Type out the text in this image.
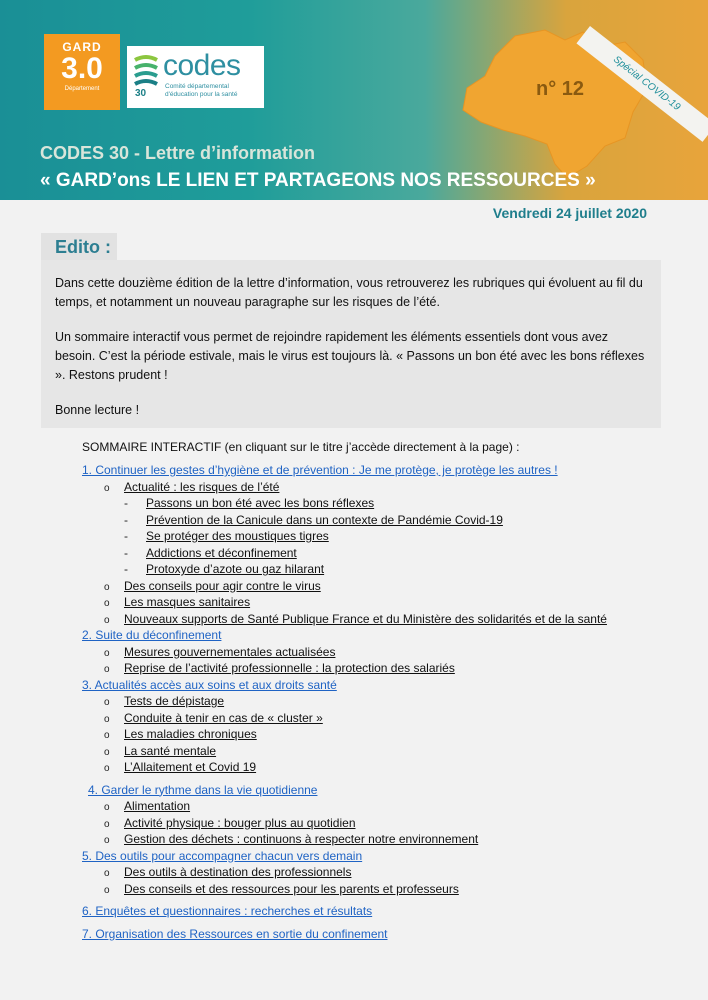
GARD
3.0
Département	30
codes
Comité départemental d'éducation pour la santé	n° 12	Spécial COVID-19
CODES 30 - Lettre d’information
« GARD’ons LE LIEN ET PARTAGEONS NOS RESSOURCES »
Vendredi 24 juillet 2020
Edito :

Dans cette douzième édition de la lettre d’information, vous retrouverez les rubriques qui évoluent au fil du temps, et notamment un nouveau paragraphe sur les risques de l’été.

Un sommaire interactif vous permet de rejoindre rapidement les éléments essentiels dont vous avez besoin. C’est la période estivale, mais le virus est toujours là. « Passons un bon été avec les bons réflexes ». Restons prudent !

Bonne lecture !

SOMMAIRE INTERACTIF (en cliquant sur le titre j’accède directement à la page) :
1. Continuer les gestes d’hygiène et de prévention : Je me protège, je protège les autres !
o Actualité : les risques de l’été
- Passons un bon été avec les bons réflexes
- Prévention de la Canicule dans un contexte de Pandémie Covid-19
- Se protéger des moustiques tigres
- Addictions et déconfinement
- Protoxyde d’azote ou gaz hilarant
o Des conseils pour agir contre le virus
o Les masques sanitaires
o Nouveaux supports de Santé Publique France et du Ministère des solidarités et de la santé
2. Suite du déconfinement
o Mesures gouvernementales actualisées
o Reprise de l’activité professionnelle : la protection des salariés
3. Actualités accès aux soins et aux droits santé
o Tests de dépistage
o Conduite à tenir en cas de « cluster »
o Les maladies chroniques
o La santé mentale
o L’Allaitement et Covid 19
4. Garder le rythme dans la vie quotidienne
o Alimentation
o Activité physique : bouger plus au quotidien
o Gestion des déchets : continuons à respecter notre environnement
5. Des outils pour accompagner chacun vers demain
o Des outils à destination des professionnels
o Des conseils et des ressources pour les parents et professeurs
6. Enquêtes et questionnaires : recherches et résultats
7. Organisation des Ressources en sortie du confinement
